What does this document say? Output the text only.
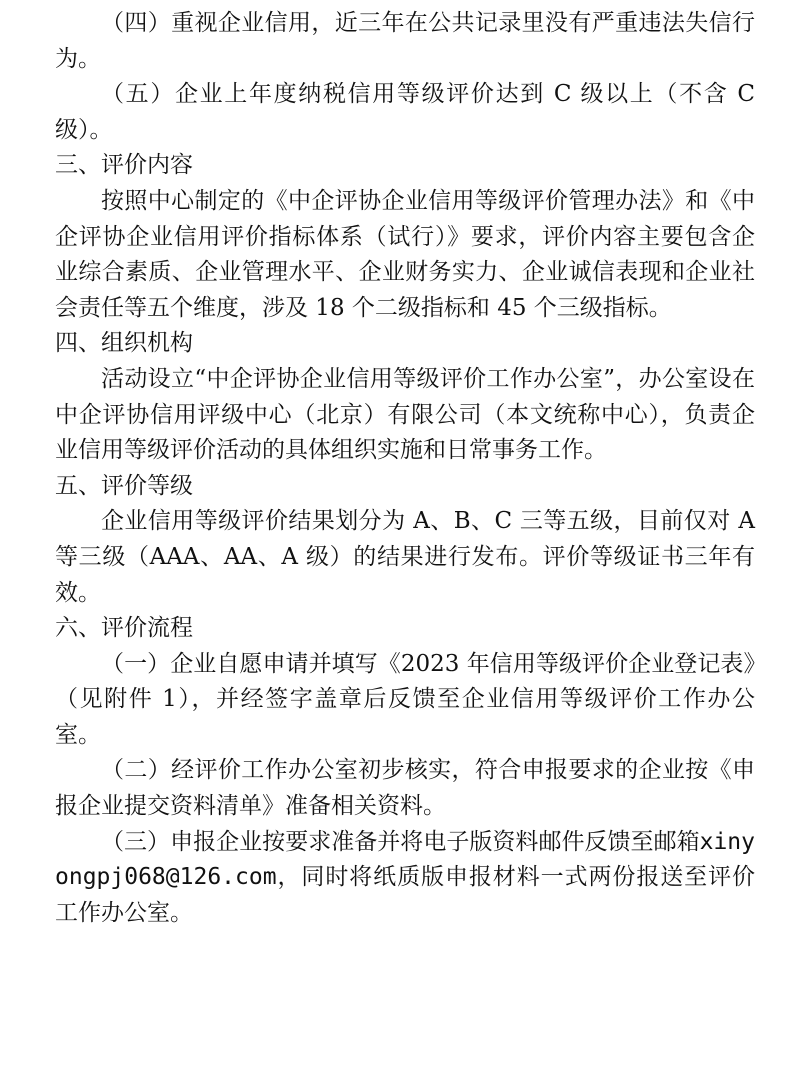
（四）重视企业信用，近三年在公共记录里没有严重违法失信行为。

（五）企业上年度纳税信用等级评价达到 C 级以上（不含 C 级）。

三、评价内容

按照中心制定的《中企评协企业信用等级评价管理办法》和《中企评协企业信用评价指标体系（试行）》要求，评价内容主要包含企业综合素质、企业管理水平、企业财务实力、企业诚信表现和企业社会责任等五个维度，涉及 18 个二级指标和 45 个三级指标。

四、组织机构

活动设立“中企评协企业信用等级评价工作办公室”，办公室设在中企评协信用评级中心（北京）有限公司（本文统称中心），负责企业信用等级评价活动的具体组织实施和日常事务工作。

五、评价等级

企业信用等级评价结果划分为 A、B、C 三等五级，目前仅对 A 等三级（AAA、AA、A 级）的结果进行发布。评价等级证书三年有效。

六、评价流程

（一）企业自愿申请并填写《2023 年信用等级评价企业登记表》（见附件 1），并经签字盖章后反馈至企业信用等级评价工作办公室。

（二）经评价工作办公室初步核实，符合申报要求的企业按《申报企业提交资料清单》准备相关资料。

（三）申报企业按要求准备并将电子版资料邮件反馈至邮箱xinyongpj068@126.com，同时将纸质版申报材料一式两份报送至评价工作办公室。
